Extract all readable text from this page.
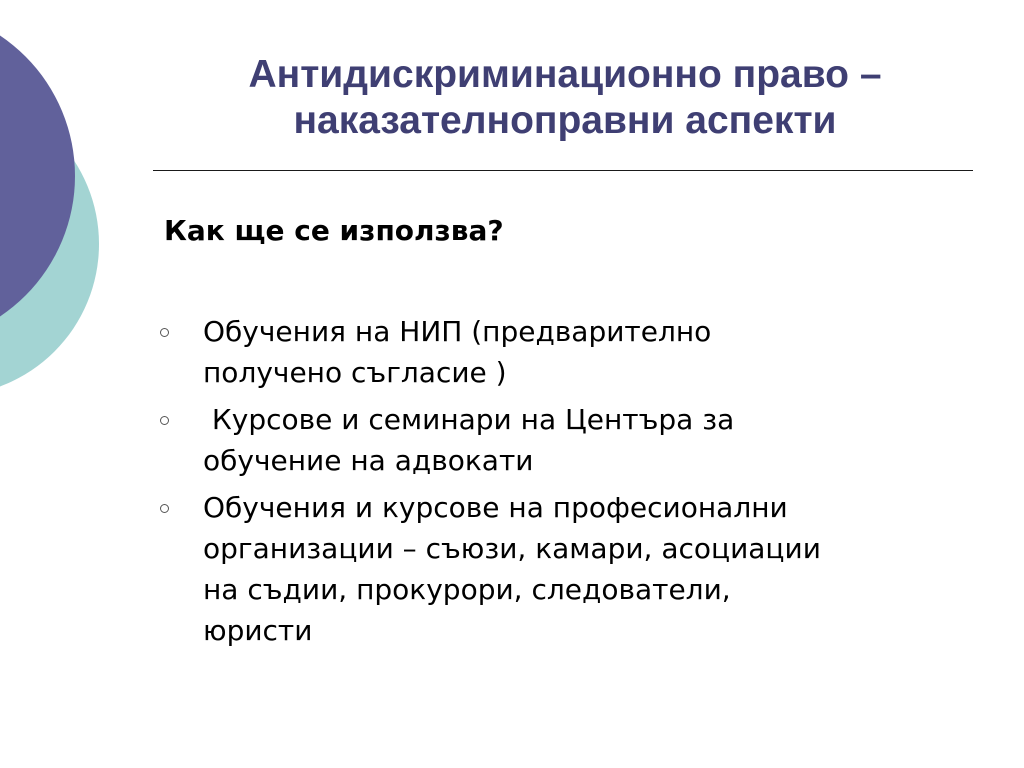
Антидискриминационно право –
наказателноправни аспекти
Как ще се използва?
Обучения на НИП (предварително
получено съгласие )
Курсове и семинари на Центъра за
обучение на адвокати
Обучения и курсове на професионални
организации – съюзи, камари, асоциации
на съдии, прокурори, следователи,
юристи
